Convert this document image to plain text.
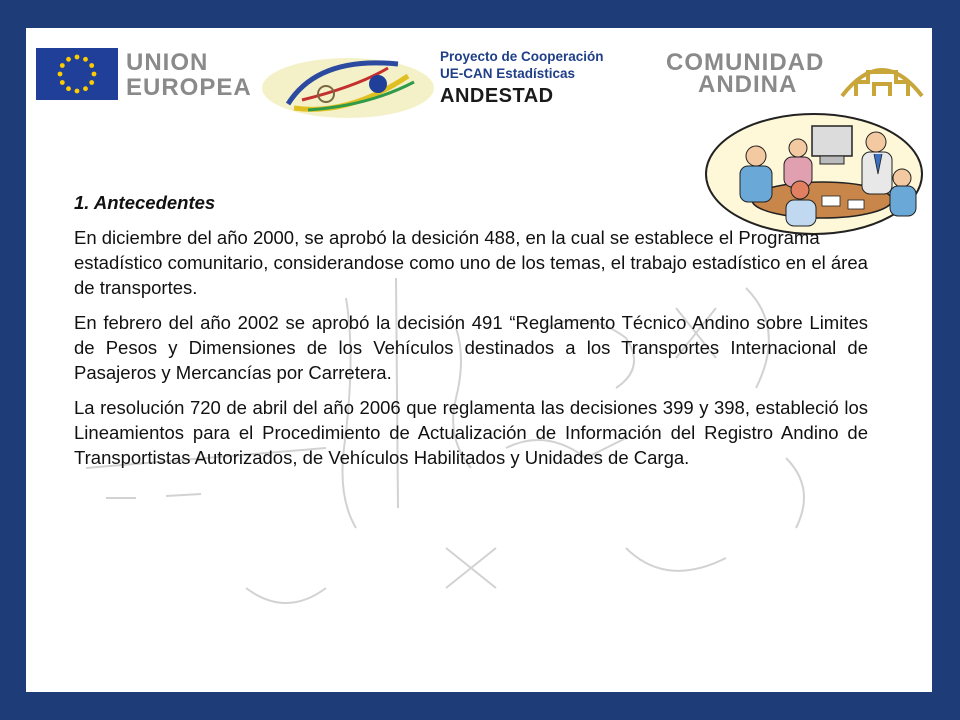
UNION
EUROPEA
Proyecto de Cooperación
UE-CAN Estadísticas
ANDESTAD
COMUNIDAD
ANDINA

1. Antecedentes

En diciembre del año 2000, se aprobó la desición 488, en la cual se establece el Programa estadístico comunitario, considerandose como uno de los temas, el trabajo estadístico en el área de transportes.

En febrero del año 2002 se aprobó la decisión 491 “Reglamento Técnico Andino sobre Limites de Pesos y Dimensiones de los Vehículos destinados a los Transportes Internacional de Pasajeros y Mercancías por Carretera.

La resolución 720 de abril del año 2006 que reglamenta las decisiones 399 y 398, estableció los Lineamientos para el Procedimiento de Actualización de Información del Registro Andino de Transportistas Autorizados, de Vehículos Habilitados y Unidades de Carga.
